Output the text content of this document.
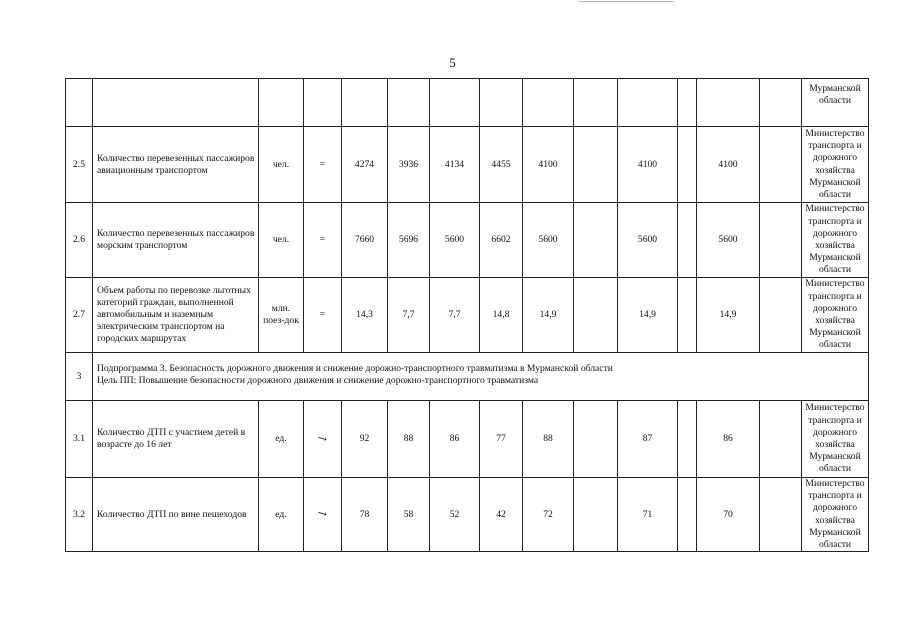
5
														Мурманской области
2.5	Количество перевезенных пассажиров авиационным транспортом	чел.	=	4274	3936	4134	4455	4100		4100		4100		Министерство транспорта и дорожного хозяйства Мурманской области
2.6	Количество перевезенных пассажиров морским транспортом	чел.	=	7660	5696	5600	6602	5600		5600		5600		Министерство транспорта и дорожного хозяйства Мурманской области
2.7	Объем работы по перевозке льготных категорий граждан, выполненной автомобильным и наземным электрическим транспортом на городских маршрутах	млн. поез-док	=	14,3	7,7	7,7	14,8	14,9		14,9		14,9		Министерство транспорта и дорожного хозяйства Мурманской области
3	Подпрограмма 3. Безопасность дорожного движения и снижение дорожно-транспортного травматизма в Мурманской области
Цель ПП: Повышение безопасности дорожного движения и снижение дорожно-транспортного травматизма													

3.1	Количество ДТП с участием детей в возрасте до 16 лет	ед.	↘	92	88	86	77	88		87		86		Министерство транспорта и дорожного хозяйства Мурманской области
3.2	Количество ДТП по вине пешеходов	ед.	↘	78	58	52	42	72		71		70		Министерство транспорта и дорожного хозяйства Мурманской области
